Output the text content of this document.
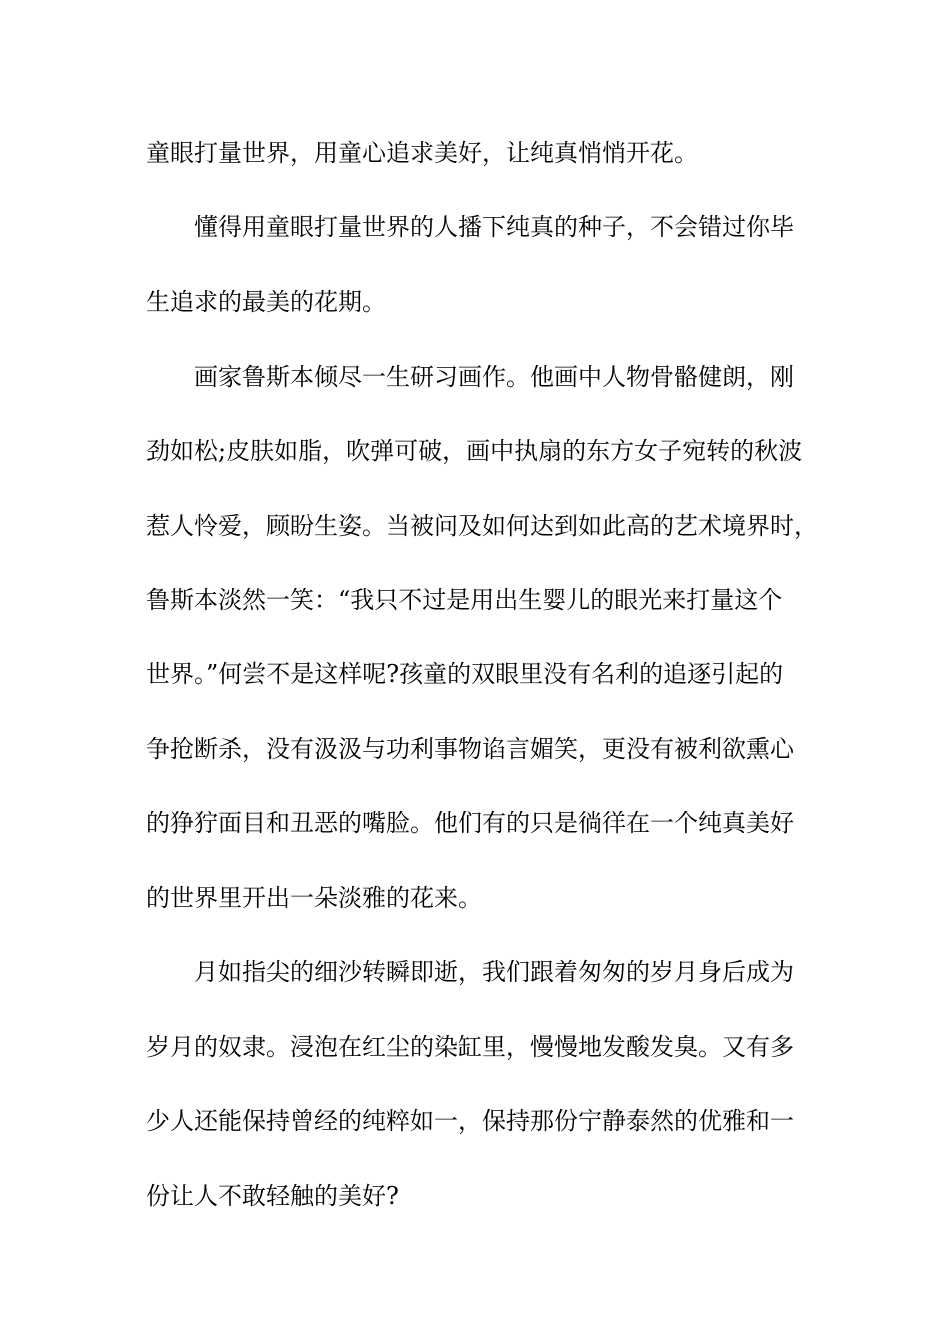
童眼打量世界，用童心追求美好，让纯真悄悄开花。
懂得用童眼打量世界的人播下纯真的种子，不会错过你毕
生追求的最美的花期。
画家鲁斯本倾尽一生研习画作。他画中人物骨骼健朗，刚
劲如松;皮肤如脂，吹弹可破，画中执扇的东方女子宛转的秋波
惹人怜爱，顾盼生姿。当被问及如何达到如此高的艺术境界时，
鲁斯本淡然一笑：“我只不过是用出生婴儿的眼光来打量这个
世界。”何尝不是这样呢?孩童的双眼里没有名利的追逐引起的
争抢断杀，没有汲汲与功利事物谄言媚笑，更没有被利欲熏心
的狰狞面目和丑恶的嘴脸。他们有的只是徜徉在一个纯真美好
的世界里开出一朵淡雅的花来。
月如指尖的细沙转瞬即逝，我们跟着匆匆的岁月身后成为
岁月的奴隶。浸泡在红尘的染缸里，慢慢地发酸发臭。又有多
少人还能保持曾经的纯粹如一，保持那份宁静泰然的优雅和一
份让人不敢轻触的美好?
